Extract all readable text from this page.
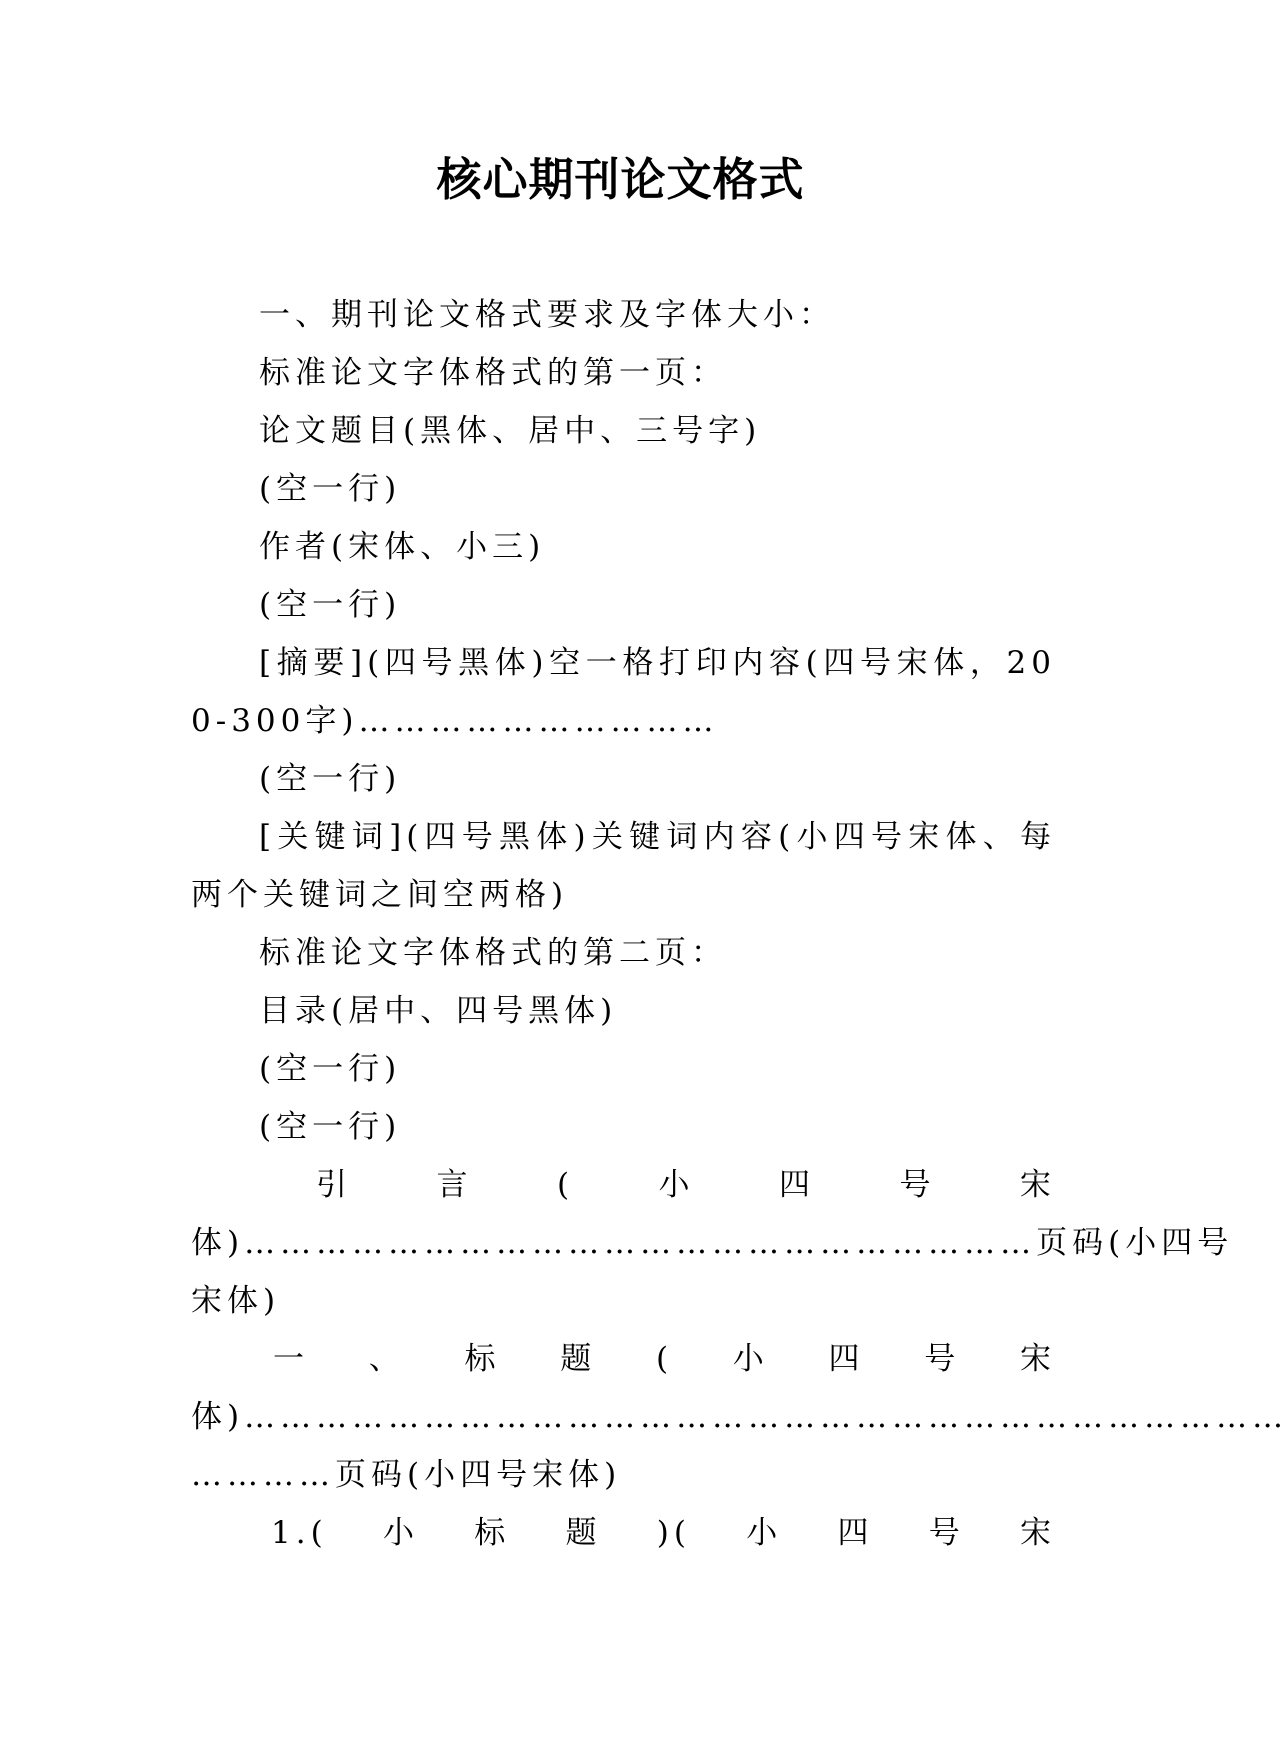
核心期刊论文格式

一、期刊论文格式要求及字体大小：

标准论文字体格式的第一页：

论文题目(黑体、居中、三号字)

(空一行)

作者(宋体、小三)

(空一行)

[摘要](四号黑体)空一格打印内容(四号宋体，200-300字)…………………………

(空一行)

[关键词](四号黑体)关键词内容(小四号宋体、每两个关键词之间空两格)

标准论文字体格式的第二页：

目录(居中、四号黑体)

(空一行)

(空一行)

引	言	(	小	四	号	宋

体)…………………………………………………………页码(小四号

宋体)

一 、 标 题 ( 小 四 号 宋

体)……………………………………………………………………………

…………页码(小四号宋体)

1.( 小 标 题 )( 小 四 号 宋
